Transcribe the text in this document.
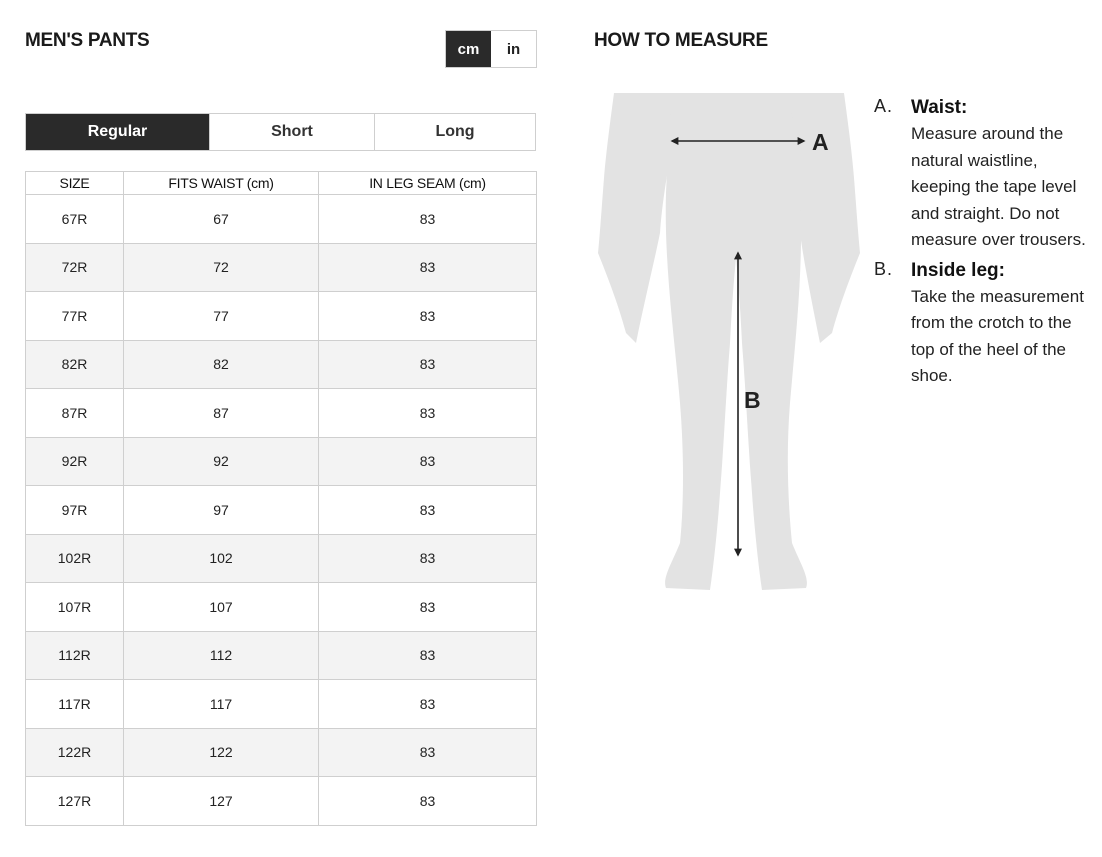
MEN'S PANTS	cm	in
Regular	Short	Long
SIZE	FITS WAIST (cm)	IN LEG SEAM (cm)
67R	67	83
72R	72	83
77R	77	83
82R	82	83
87R	87	83
92R	92	83
97R	97	83
102R	102	83
107R	107	83
112R	112	83
117R	117	83
122R	122	83
127R	127	83
HOW TO MEASURE
A
B
A. Waist:
Measure around the natural waistline, keeping the tape level and straight. Do not measure over trousers.
B. Inside leg:
Take the measurement from the crotch to the top of the heel of the shoe.
